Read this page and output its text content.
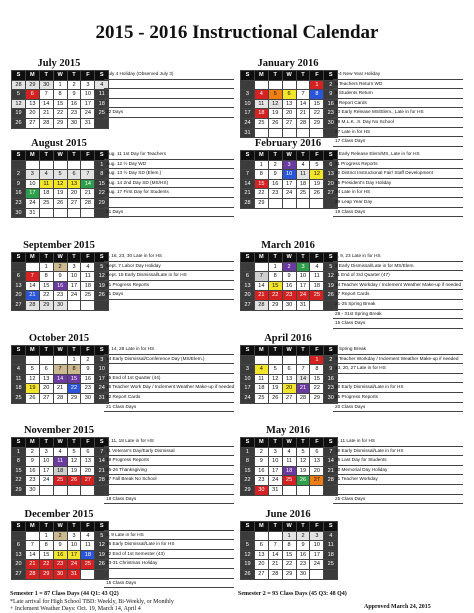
2015 - 2016 Instructional Calendar
July 2015
S	M	T	W	T	F	S
28	29	30	1	2	3	4
5	6	7	8	9	10	11
12	13	14	15	16	17	18
19	20	21	22	23	24	25
26	27	28	29	30	31	
July 4 Holiday (Observed July 3)
22 Days
January 2016
S	M	T	W	T	F	S
					1	2
3	4	5	6	7	8	9
10	11	12	13	14	15	16
17	18	19	20	21	22	23
24	25	26	27	28	29	30
31						
1-4 New Year Holiday
5 Teachers Return WD
5 Students Return
8 Report Cards
13 Early Release MS/Elem., Late in for HS
18 M.L.K. Jr. Day No School
27 Late in for HS
17 Class Days
August 2015
S	M	T	W	T	F	S
						1
2	3	4	5	6	7	8
9	10	11	12	13	14	15
16	17	18	19	20	21	22
23	24	25	26	27	28	29
30	31					
Aug. 11 1st Day for Teachers
Aug. 12 ½ Day WD
Aug. 13 ½ Day SD (Elem.)
Aug. 14 2nd Day SD (MS/HS)
Aug. 17 First Day for Students
21 Days
February 2016
S	M	T	W	T	F	S
	1	2	3	4	5	6
7	8	9	10	11	12	13
14	15	16	17	18	19	20
21	22	23	24	25	26	27
28	29					
3 Early Release Elem/MS, Late in for HS
11 Progress Reports
12 District Instructional Fair/ Staff Development
15 President's Day Holiday
24 Late in for HS
29 Leap Year Day
19 Class Days
September 2015
S	M	T	W	T	F	S
		1	2	3	4	5
6	7	8	9	10	11	12
13	14	15	16	17	18	19
20	21	22	23	24	25	26
27	28	29	30			
2, 16, 23, 30 Late in for HS
Sept. 7 Labor Day Holiday
Sept. 15 Early Dismissal/Late in for HS
21 Progress Reports
21 Days
March 2016
S	M	T	W	T	F	S
		1	2	3	4	5
6	7	8	9	10	11	12
13	14	15	16	17	18	19
20	21	22	23	24	25	26
27	28	29	30	31		
2, 9, 23 Late in for HS
2 Early Dismissal/Late in for MS/Elem.
11 End of 3rd Quarter (47)
14 Teacher Workday / Inclement Weather Make-up if needed
17 Report Cards
21-25 Spring Break
28 - 31st Spring Break
15 Class Days
October 2015
S	M	T	W	T	F	S
				1	2	3
4	5	6	7	8	9	10
11	12	13	14	15	16	17
18	19	20	21	22	23	24
25	26	27	28	29	30	31
7, 14, 28 Late in for HS
14 Early Dismissal/Conference Day (MS/Elem.)
15 End of 1st Quarter (44)
16 Teacher Work Day / Inclement Weather Make-up if needed
22 Report Cards
21 Class Days
April 2016
S	M	T	W	T	F	S
					1	2
3	4	5	6	7	8	9
10	11	12	13	14	15	16
17	18	19	20	21	22	23
24	25	26	27	28	29	30
1 Spring Break
4 Teacher Workday / Inclement Weather Make-up if needed
13, 20, 27 Late in for HS
20 Early Dismissal/Late in for HS
25 Progress Reports
20 Class Days
November 2015
S	M	T	W	T	F	S
1	2	3	4	5	6	7
8	9	10	11	12	13	14
15	16	17	18	19	20	21
22	23	24	25	26	27	28
29	30					
4, 11, 18 Late in for HS
11 Veteran's Day/Early Dismissal
19 Progress Reports
25-26 Thanksgiving
27 Fall Break No School
18 Class Days
May 2016
S	M	T	W	T	F	S
1	2	3	4	5	6	7
8	9	10	11	12	13	14
15	16	17	18	19	20	21
22	23	24	25	26	27	28
29	30	31				
4, 11 Late in for HS
18 Early Dismissal/Late in for HS
25 Last Day for Students
30 Memorial Day Holiday
31 Teacher Workday
25 Class Days
December 2015
S	M	T	W	T	F	S
		1	2	3	4	5
6	7	8	9	10	11	12
13	14	15	16	17	18	19
20	21	22	23	24	25	26
27	28	29	30	31		
2, 9 Late in for HS
16 Early Dismissal/Late in for HS
22 End of 1st Semester (43)
23-31 Christmas Holiday
15 Class Days
June 2016
S	M	T	W	T	F	S
			1	2	3	4
5	6	7	8	9	10	11
12	13	14	15	16	17	18
19	20	21	22	23	24	25
26	27	28	29	30		
Semester 1 = 87 Class Days (44 Q1: 43 Q2)	Semester 2 = 93 Class Days (45 Q3: 48 Q4)
*Late arrival for High School TBD: Weekly, Bi-Weekly, or Monthly
+ Inclement Weather Days: Oct. 19, March 14, April 4	Approved March 24, 2015
